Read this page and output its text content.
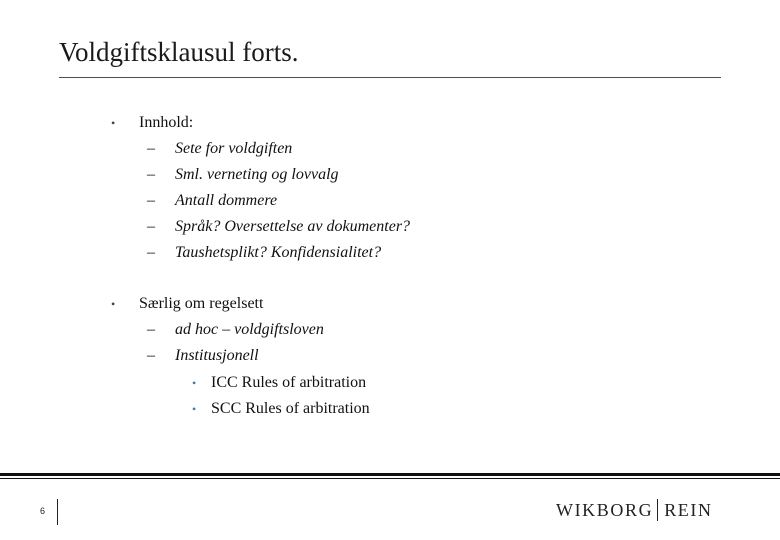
Voldgiftsklausul forts.
• Innhold:
– Sete for voldgiften
– Sml. verneting og lovvalg
– Antall dommere
– Språk? Oversettelse av dokumenter?
– Taushetsplikt? Konfidensialitet?
• Særlig om regelsett
– ad hoc – voldgiftsloven
– Institusjonell
• ICC Rules of arbitration
• SCC Rules of arbitration
6	WIKBORG REIN
